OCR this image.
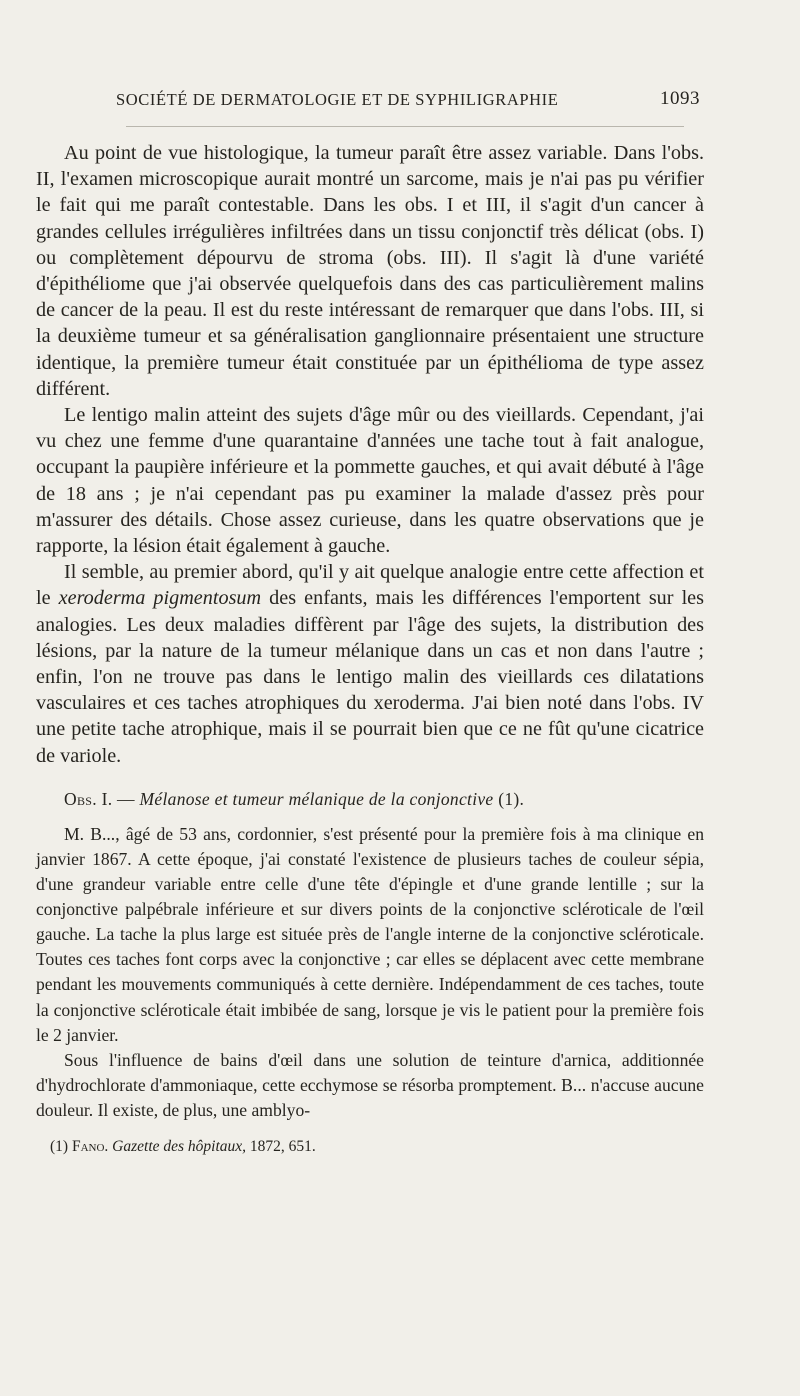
SOCIÉTÉ DE DERMATOLOGIE ET DE SYPHILIGRAPHIE	1093

Au point de vue histologique, la tumeur paraît être assez variable. Dans l'obs. II, l'examen microscopique aurait montré un sarcome, mais je n'ai pas pu vérifier le fait qui me paraît contestable. Dans les obs. I et III, il s'agit d'un cancer à grandes cellules irrégulières infiltrées dans un tissu conjonctif très délicat (obs. I) ou complètement dépourvu de stroma (obs. III). Il s'agit là d'une variété d'épithéliome que j'ai observée quelquefois dans des cas particulièrement malins de cancer de la peau. Il est du reste intéressant de remarquer que dans l'obs. III, si la deuxième tumeur et sa généralisation ganglionnaire présentaient une structure identique, la première tumeur était constituée par un épithélioma de type assez différent.

Le lentigo malin atteint des sujets d'âge mûr ou des vieillards. Cependant, j'ai vu chez une femme d'une quarantaine d'années une tache tout à fait analogue, occupant la paupière inférieure et la pommette gauches, et qui avait débuté à l'âge de 18 ans ; je n'ai cependant pas pu examiner la malade d'assez près pour m'assurer des détails. Chose assez curieuse, dans les quatre observations que je rapporte, la lésion était également à gauche.

Il semble, au premier abord, qu'il y ait quelque analogie entre cette affection et le xeroderma pigmentosum des enfants, mais les différences l'emportent sur les analogies. Les deux maladies diffèrent par l'âge des sujets, la distribution des lésions, par la nature de la tumeur mélanique dans un cas et non dans l'autre ; enfin, l'on ne trouve pas dans le lentigo malin des vieillards ces dilatations vasculaires et ces taches atrophiques du xeroderma. J'ai bien noté dans l'obs. IV une petite tache atrophique, mais il se pourrait bien que ce ne fût qu'une cicatrice de variole.

Obs. I. — Mélanose et tumeur mélanique de la conjonctive (1).

M. B..., âgé de 53 ans, cordonnier, s'est présenté pour la première fois à ma clinique en janvier 1867. A cette époque, j'ai constaté l'existence de plusieurs taches de couleur sépia, d'une grandeur variable entre celle d'une tête d'épingle et d'une grande lentille ; sur la conjonctive palpébrale inférieure et sur divers points de la conjonctive scléroticale de l'œil gauche. La tache la plus large est située près de l'angle interne de la conjonctive scléroticale. Toutes ces taches font corps avec la conjonctive ; car elles se déplacent avec cette membrane pendant les mouvements communiqués à cette dernière. Indépendamment de ces taches, toute la conjonctive scléroticale était imbibée de sang, lorsque je vis le patient pour la première fois le 2 janvier.

Sous l'influence de bains d'œil dans une solution de teinture d'arnica, additionnée d'hydrochlorate d'ammoniaque, cette ecchymose se résorba promptement. B... n'accuse aucune douleur. Il existe, de plus, une amblyo-

(1) Fano. Gazette des hôpitaux, 1872, 651.
